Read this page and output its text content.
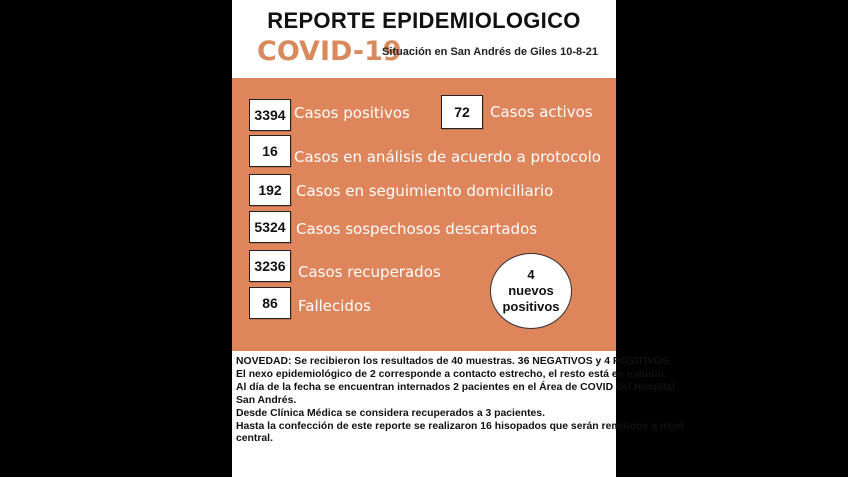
REPORTE EPIDEMIOLOGICO
COVID-19
Situación en San Andrés de Giles 10-8-21
3394 Casos positivos	72	Casos activos
16	Casos en análisis de acuerdo a protocolo
192 Casos en seguimiento domiciliario
5324 Casos sospechosos descartados
3236 Casos recuperados
86	Fallecidos
4
nuevos
positivos
NOVEDAD: Se recibieron los resultados de 40 muestras. 36 NEGATIVOS y 4 POSITIVOS.
El nexo epidemiológico de 2 corresponde a contacto estrecho, el resto está en estudio.
Al día de la fecha se encuentran internados 2 pacientes en el Área de COVID del Hospital
San Andrés.
Desde Clínica Médica se considera recuperados a 3 pacientes.
Hasta la confección de este reporte se realizaron 16 hisopados que serán remitidos a nivel
central.
